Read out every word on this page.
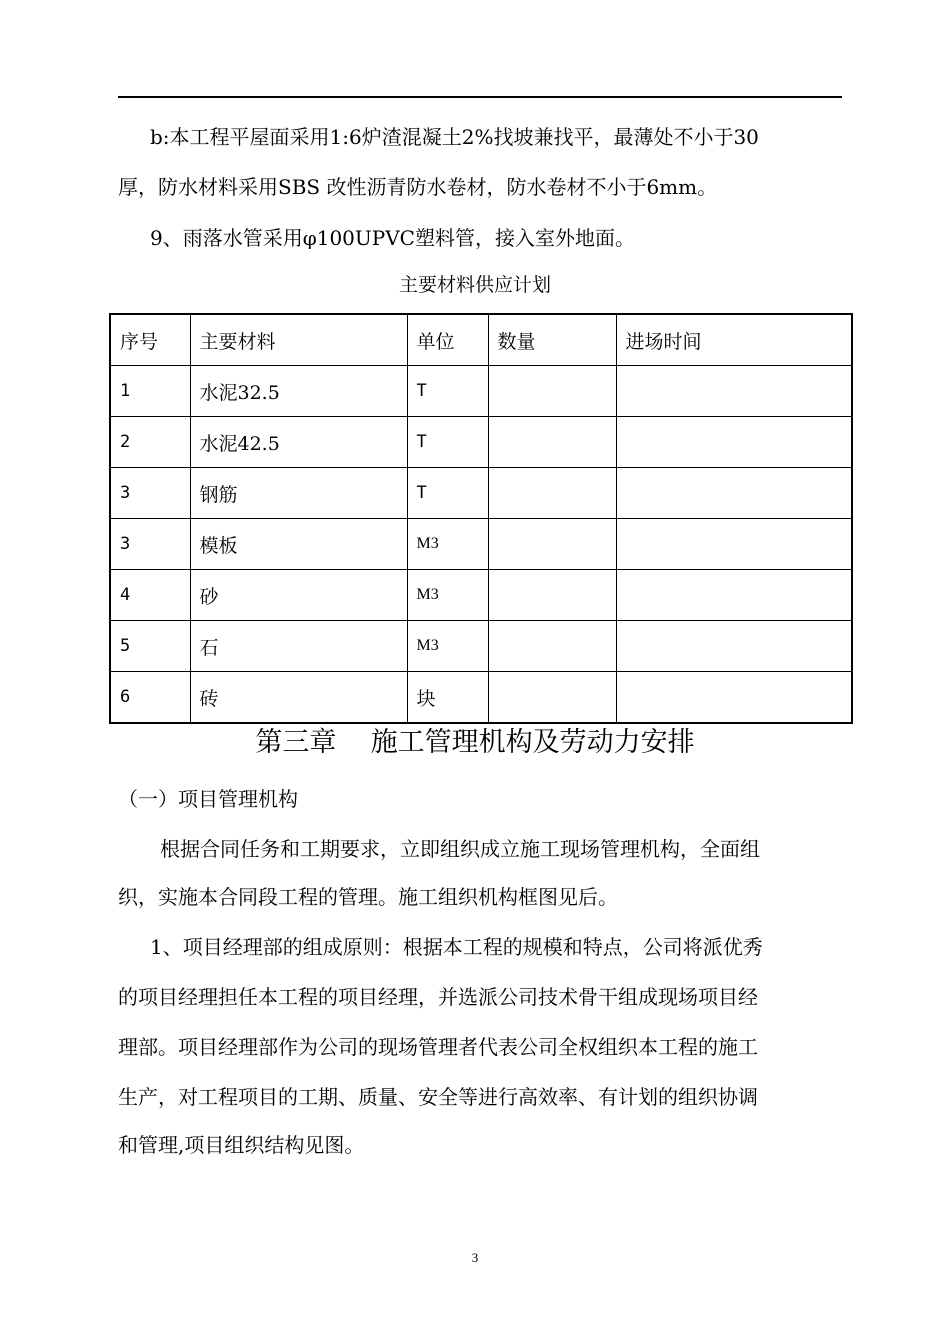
b:本工程平屋面采用1:6炉渣混凝土2%找坡兼找平，最薄处不小于30
厚，防水材料采用SBS 改性沥青防水卷材，防水卷材不小于6mm。
9、雨落水管采用φ100UPVC塑料管，接入室外地面。
主要材料供应计划
序号	主要材料	单位	数量	进场时间
1	水泥32.5	T		
2	水泥42.5	T		
3	钢筋	T		
3	模板	M3		
4	砂	M3		
5	石	M3		
6	砖	块		
第三章    施工管理机构及劳动力安排
（一）项目管理机构
根据合同任务和工期要求，立即组织成立施工现场管理机构，全面组
织，实施本合同段工程的管理。施工组织机构框图见后。
1、项目经理部的组成原则：根据本工程的规模和特点，公司将派优秀
的项目经理担任本工程的项目经理，并选派公司技术骨干组成现场项目经
理部。项目经理部作为公司的现场管理者代表公司全权组织本工程的施工
生产，对工程项目的工期、质量、安全等进行高效率、有计划的组织协调
和管理,项目组织结构见图。
3
